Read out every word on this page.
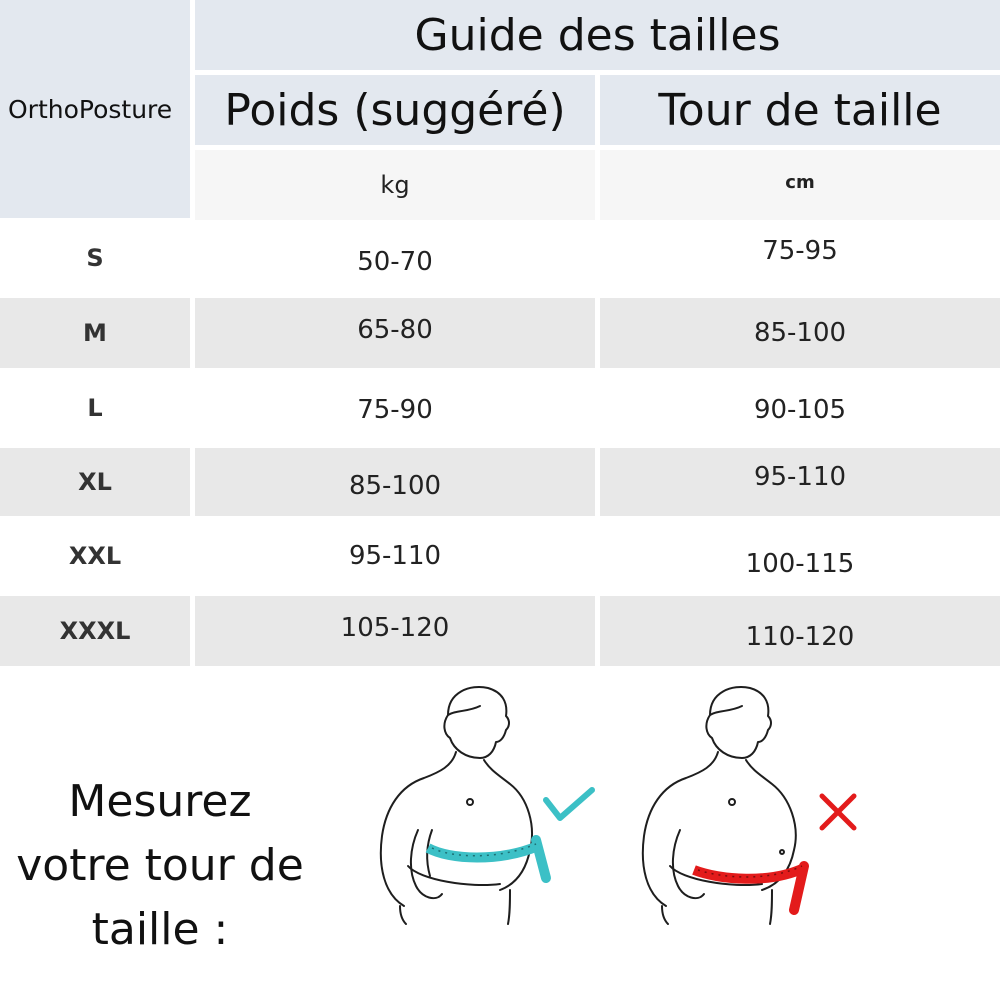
OrthoPosture
Guide des tailles
Poids (suggéré)	Tour de taille
kg	cm
S	50-70	75-95
M	65-80	85-100
L	75-90	90-105
XL	85-100	95-110
XXL	95-110	100-115
XXXL	105-120	110-120
Mesurez
votre tour de
taille :
